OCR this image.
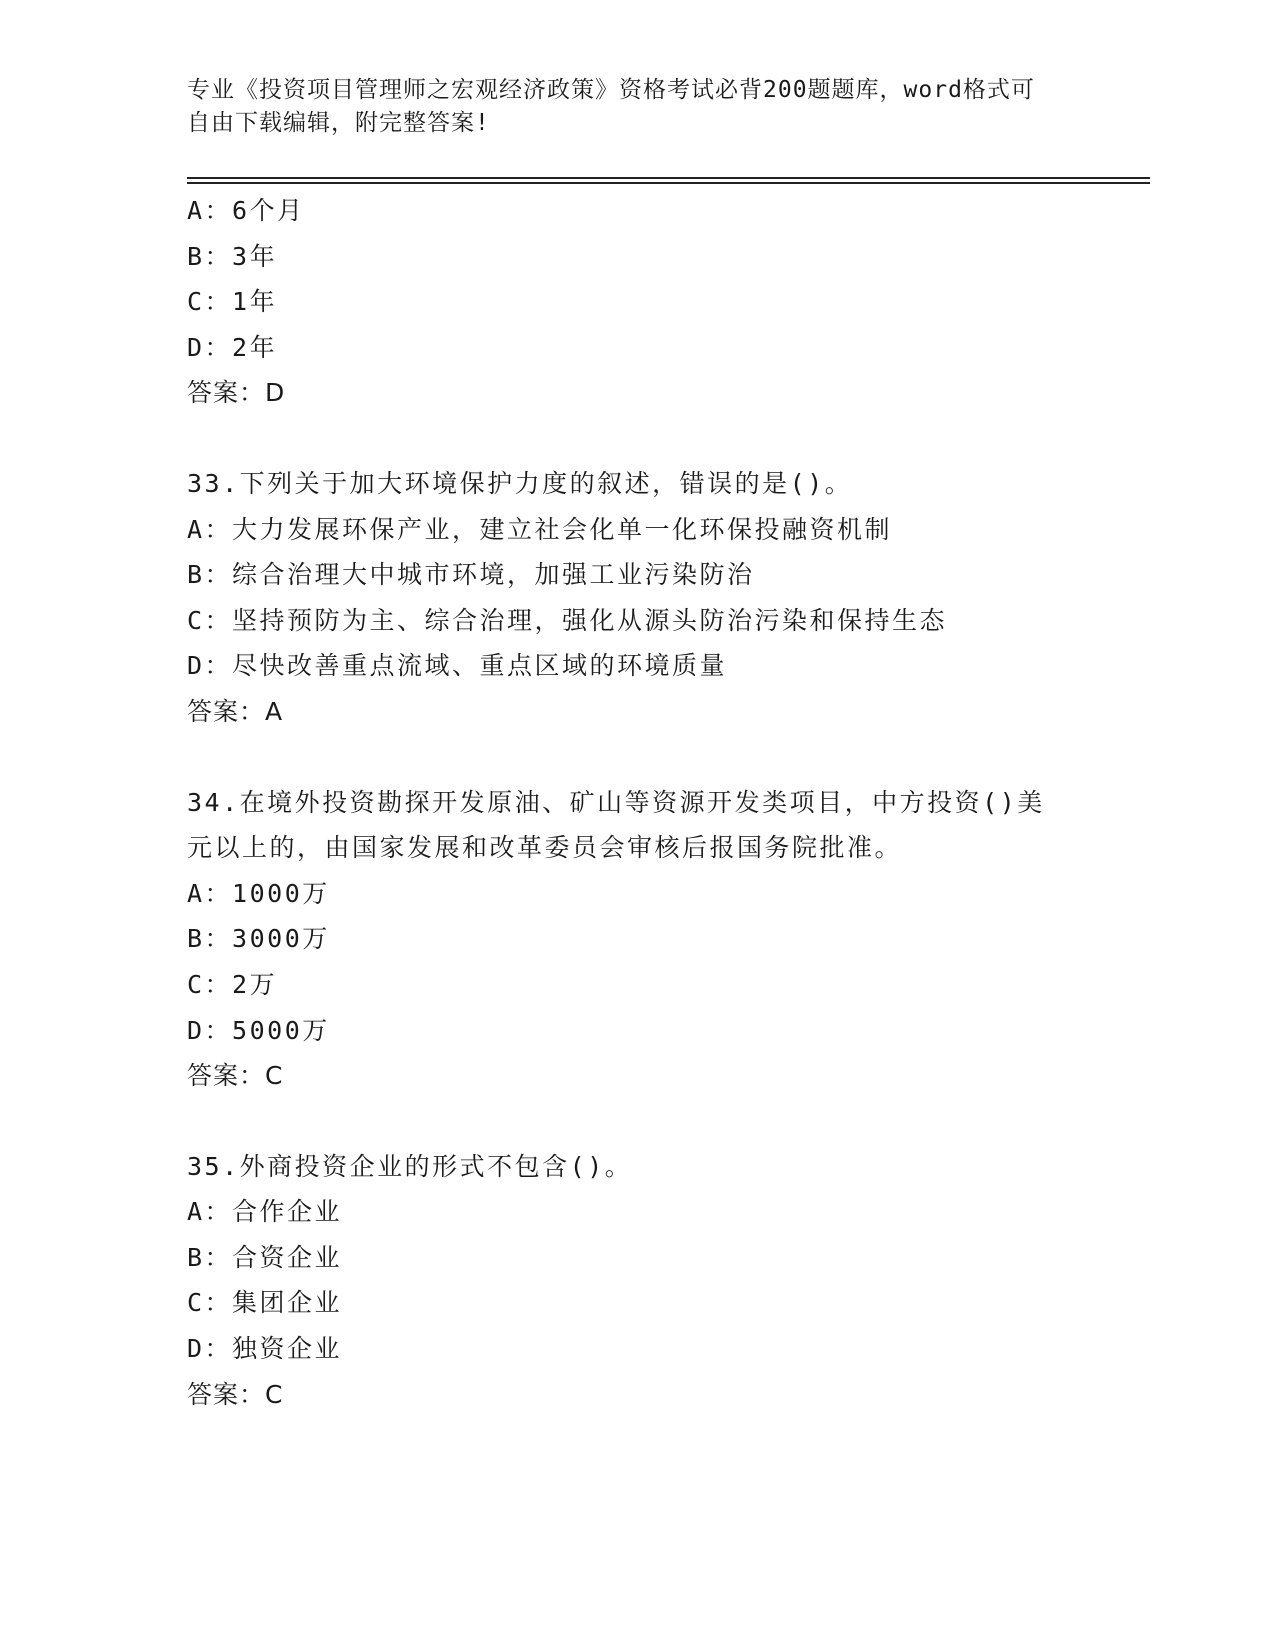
专业《投资项目管理师之宏观经济政策》资格考试必背200题题库，word格式可
自由下载编辑，附完整答案!
A：6个月
B：3年
C：1年
D：2年
答案：D
33.下列关于加大环境保护力度的叙述，错误的是()。
A：大力发展环保产业，建立社会化单一化环保投融资机制
B：综合治理大中城市环境，加强工业污染防治
C：坚持预防为主、综合治理，强化从源头防治污染和保持生态
D：尽快改善重点流域、重点区域的环境质量
答案：A
34.在境外投资勘探开发原油、矿山等资源开发类项目，中方投资()美
元以上的，由国家发展和改革委员会审核后报国务院批准。
A：1000万
B：3000万
C：2万
D：5000万
答案：C
35.外商投资企业的形式不包含()。
A：合作企业
B：合资企业
C：集团企业
D：独资企业
答案：C
